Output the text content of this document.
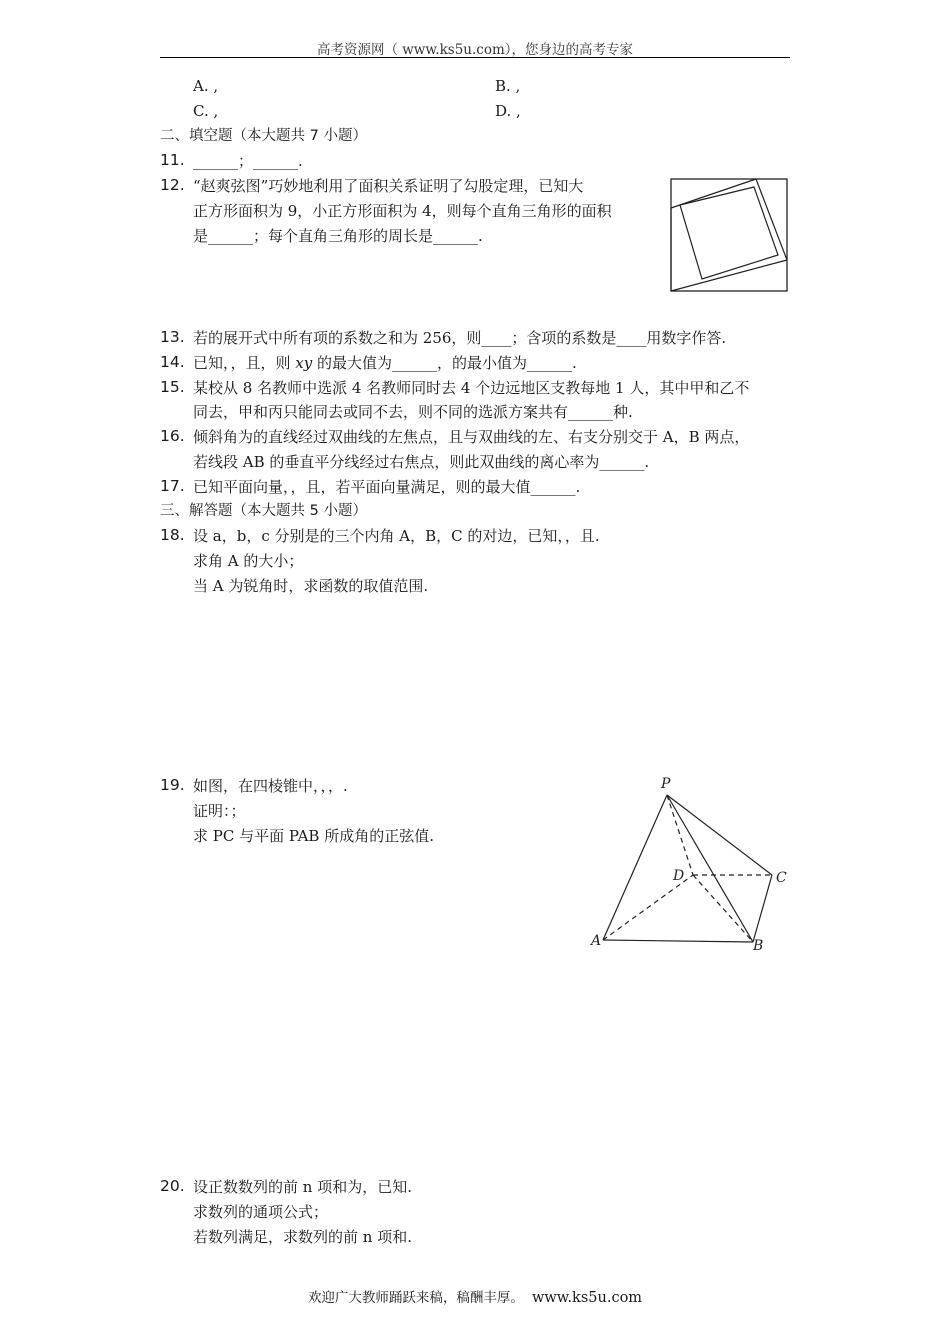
高考资源网（ www.ks5u.com），您身边的高考专家
A. ,	B. ,
C. ,	D. ,
二、填空题（本大题共 7 小题）
11. ______；______.
12. “赵爽弦图”巧妙地利用了面积关系证明了勾股定理，已知大
正方形面积为 9，小正方形面积为 4，则每个直角三角形的面积
是______；每个直角三角形的周长是______.
13. 若的展开式中所有项的系数之和为 256，则____；含项的系数是____用数字作答.
14. 已知，，且，则 xy 的最大值为______，的最小值为______.
15. 某校从 8 名教师中选派 4 名教师同时去 4 个边远地区支教每地 1 人，其中甲和乙不
同去，甲和丙只能同去或同不去，则不同的选派方案共有______种.
16. 倾斜角为的直线经过双曲线的左焦点，且与双曲线的左、右支分别交于 A，B 两点，
若线段 AB 的垂直平分线经过右焦点，则此双曲线的离心率为______.
17. 已知平面向量，，且，若平面向量满足，则的最大值______.
三、解答题（本大题共 5 小题）
18. 设 a，b，c 分别是的三个内角 A，B，C 的对边，已知，，且.
求角 A 的大小；
当 A 为锐角时，求函数的取值范围.
19. 如图，在四棱锥中，，，.
证明：；
求 PC 与平面 PAB 所成角的正弦值.
P
D	C
A	B
20. 设正数数列的前 n 项和为，已知.
求数列的通项公式；
若数列满足，求数列的前 n 项和.
欢迎广大教师踊跃来稿，稿酬丰厚。 www.ks5u.com
